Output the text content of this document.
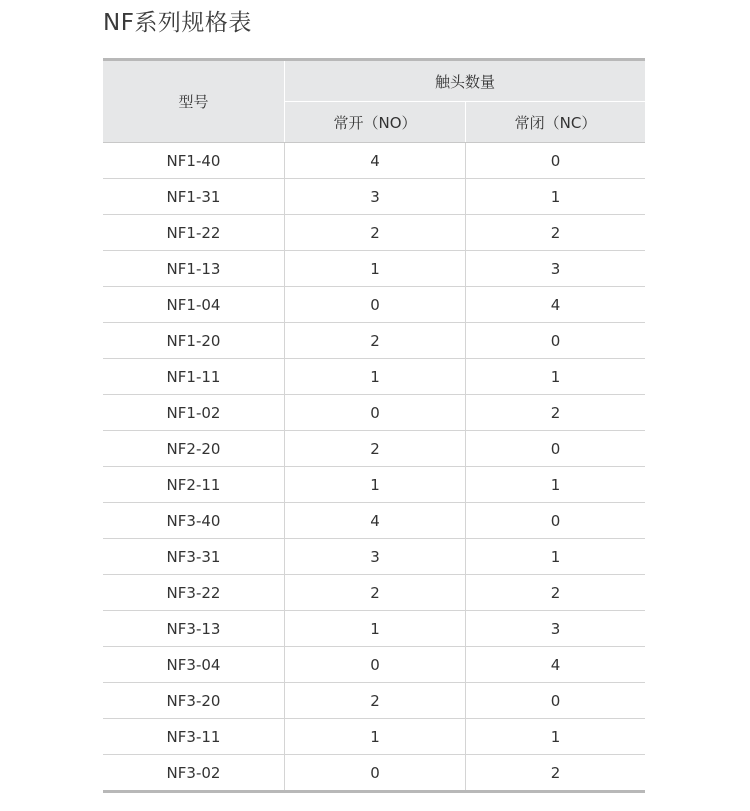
NF系列规格表
型号	触头数量	
	常开（NO）	常闭（NC）
NF1-40	4	0
NF1-31	3	1
NF1-22	2	2
NF1-13	1	3
NF1-04	0	4
NF1-20	2	0
NF1-11	1	1
NF1-02	0	2
NF2-20	2	0
NF2-11	1	1
NF3-40	4	0
NF3-31	3	1
NF3-22	2	2
NF3-13	1	3
NF3-04	0	4
NF3-20	2	0
NF3-11	1	1
NF3-02	0	2
